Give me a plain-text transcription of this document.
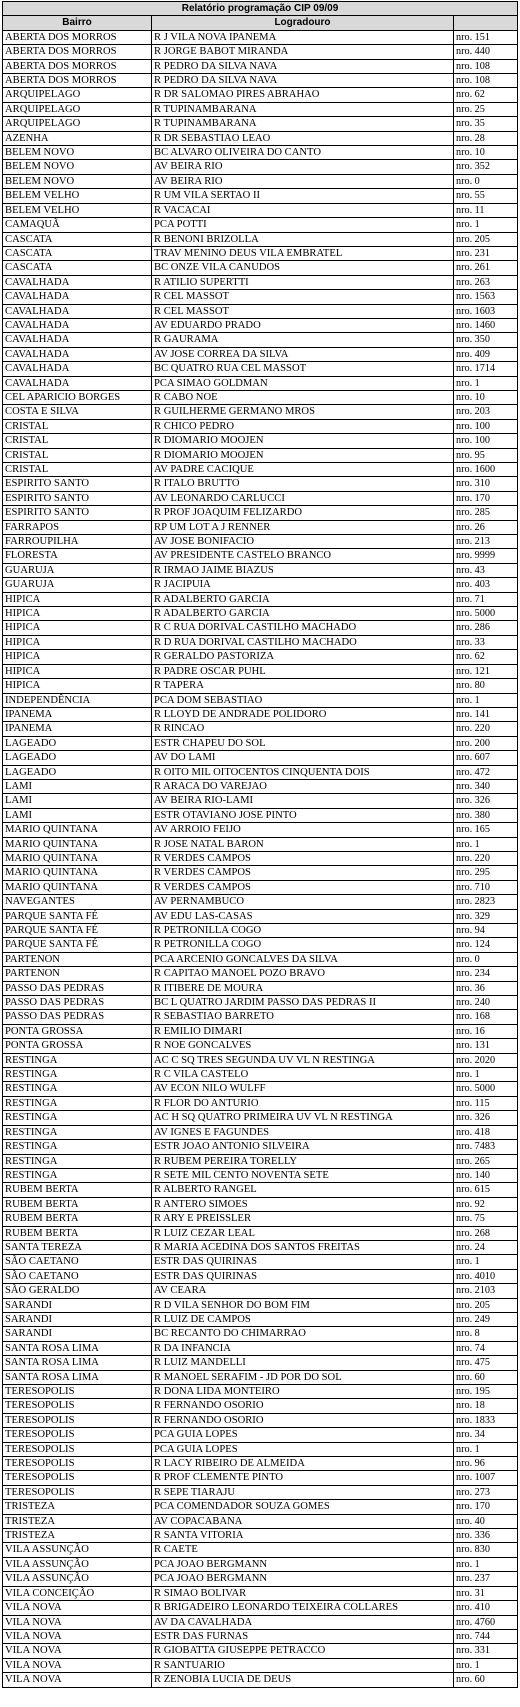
Relatório programação CIP 09/09		
Bairro	Logradouro	
ABERTA DOS MORROS	R J VILA NOVA IPANEMA	nro. 151
ABERTA DOS MORROS	R JORGE BABOT MIRANDA	nro. 440
ABERTA DOS MORROS	R PEDRO DA SILVA NAVA	nro. 108
ABERTA DOS MORROS	R PEDRO DA SILVA NAVA	nro. 108
ARQUIPELAGO	R DR SALOMAO PIRES ABRAHAO	nro. 62
ARQUIPELAGO	R TUPINAMBARANA	nro. 25
ARQUIPELAGO	R TUPINAMBARANA	nro. 35
AZENHA	R DR SEBASTIAO LEAO	nro. 28
BELEM NOVO	BC ALVARO OLIVEIRA DO CANTO	nro. 10
BELEM NOVO	AV BEIRA RIO	nro. 352
BELEM NOVO	AV BEIRA RIO	nro. 0
BELEM VELHO	R UM VILA SERTAO II	nro. 55
BELEM VELHO	R VACACAI	nro. 11
CAMAQUÃ	PCA POTTI	nro. 1
CASCATA	R BENONI BRIZOLLA	nro. 205
CASCATA	TRAV MENINO DEUS VILA EMBRATEL	nro. 231
CASCATA	BC ONZE VILA CANUDOS	nro. 261
CAVALHADA	R ATILIO SUPERTTI	nro. 263
CAVALHADA	R CEL MASSOT	nro. 1563
CAVALHADA	R CEL MASSOT	nro. 1603
CAVALHADA	AV EDUARDO PRADO	nro. 1460
CAVALHADA	R GAURAMA	nro. 350
CAVALHADA	AV JOSE CORREA DA SILVA	nro. 409
CAVALHADA	BC QUATRO RUA CEL MASSOT	nro. 1714
CAVALHADA	PCA SIMAO GOLDMAN	nro. 1
CEL APARICIO BORGES	R CABO NOE	nro. 10
COSTA E SILVA	R GUILHERME GERMANO MROS	nro. 203
CRISTAL	R CHICO PEDRO	nro. 100
CRISTAL	R DIOMARIO MOOJEN	nro. 100
CRISTAL	R DIOMARIO MOOJEN	nro. 95
CRISTAL	AV PADRE CACIQUE	nro. 1600
ESPIRITO SANTO	R ITALO BRUTTO	nro. 310
ESPIRITO SANTO	AV LEONARDO CARLUCCI	nro. 170
ESPIRITO SANTO	R PROF JOAQUIM FELIZARDO	nro. 285
FARRAPOS	RP UM LOT A J RENNER	nro. 26
FARROUPILHA	AV JOSE BONIFACIO	nro. 213
FLORESTA	AV PRESIDENTE CASTELO BRANCO	nro. 9999
GUARUJA	R IRMAO JAIME BIAZUS	nro. 43
GUARUJA	R JACIPUIA	nro. 403
HIPICA	R ADALBERTO GARCIA	nro. 71
HIPICA	R ADALBERTO GARCIA	nro. 5000
HIPICA	R C RUA DORIVAL CASTILHO MACHADO	nro. 286
HIPICA	R D RUA DORIVAL CASTILHO MACHADO	nro. 33
HIPICA	R GERALDO PASTORIZA	nro. 62
HIPICA	R PADRE OSCAR PUHL	nro. 121
HIPICA	R TAPERA	nro. 80
INDEPENDÊNCIA	PCA DOM SEBASTIAO	nro. 1
IPANEMA	R LLOYD DE ANDRADE POLIDORO	nro. 141
IPANEMA	R RINCAO	nro. 220
LAGEADO	ESTR CHAPEU DO SOL	nro. 200
LAGEADO	AV DO LAMI	nro. 607
LAGEADO	R OITO MIL OITOCENTOS CINQUENTA DOIS	nro. 472
LAMI	R ARACA DO VAREJAO	nro. 340
LAMI	AV BEIRA RIO-LAMI	nro. 326
LAMI	ESTR OTAVIANO JOSE PINTO	nro. 380
MARIO QUINTANA	AV ARROIO FEIJO	nro. 165
MARIO QUINTANA	R JOSE NATAL BARON	nro. 1
MARIO QUINTANA	R VERDES CAMPOS	nro. 220
MARIO QUINTANA	R VERDES CAMPOS	nro. 295
MARIO QUINTANA	R VERDES CAMPOS	nro. 710
NAVEGANTES	AV PERNAMBUCO	nro. 2823
PARQUE SANTA FÉ	AV EDU LAS-CASAS	nro. 329
PARQUE SANTA FÉ	R PETRONILLA COGO	nro. 94
PARQUE SANTA FÉ	R PETRONILLA COGO	nro. 124
PARTENON	PCA ARCENIO GONCALVES DA SILVA	nro. 0
PARTENON	R CAPITAO MANOEL POZO BRAVO	nro. 234
PASSO DAS PEDRAS	R ITIBERE DE MOURA	nro. 36
PASSO DAS PEDRAS	BC L QUATRO JARDIM PASSO DAS PEDRAS II	nro. 240
PASSO DAS PEDRAS	R SEBASTIAO BARRETO	nro. 168
PONTA GROSSA	R EMILIO DIMARI	nro. 16
PONTA GROSSA	R NOE GONCALVES	nro. 131
RESTINGA	AC C SQ TRES SEGUNDA UV VL N RESTINGA	nro. 2020
RESTINGA	R C VILA CASTELO	nro. 1
RESTINGA	AV ECON NILO WULFF	nro. 5000
RESTINGA	R FLOR DO ANTURIO	nro. 115
RESTINGA	AC H SQ QUATRO PRIMEIRA UV VL N RESTINGA	nro. 326
RESTINGA	AV IGNES E FAGUNDES	nro. 418
RESTINGA	ESTR JOAO ANTONIO SILVEIRA	nro. 7483
RESTINGA	R RUBEM PEREIRA TORELLY	nro. 265
RESTINGA	R SETE MIL CENTO NOVENTA SETE	nro. 140
RUBEM BERTA	R ALBERTO RANGEL	nro. 615
RUBEM BERTA	R ANTERO SIMOES	nro. 92
RUBEM BERTA	R ARY E PREISSLER	nro. 75
RUBEM BERTA	R LUIZ CEZAR LEAL	nro. 268
SANTA TEREZA	R MARIA ACEDINA DOS SANTOS FREITAS	nro. 24
SÃO CAETANO	ESTR DAS QUIRINAS	nro. 1
SÃO CAETANO	ESTR DAS QUIRINAS	nro. 4010
SÃO GERALDO	AV CEARA	nro. 2103
SARANDI	R D VILA SENHOR DO BOM FIM	nro. 205
SARANDI	R LUIZ DE CAMPOS	nro. 249
SARANDI	BC RECANTO DO CHIMARRAO	nro. 8
SANTA ROSA LIMA	R DA INFANCIA	nro. 74
SANTA ROSA LIMA	R LUIZ MANDELLI	nro. 475
SANTA ROSA LIMA	R MANOEL SERAFIM - JD POR DO SOL	nro. 60
TERESOPOLIS	R DONA LIDA MONTEIRO	nro. 195
TERESOPOLIS	R FERNANDO OSORIO	nro. 18
TERESOPOLIS	R FERNANDO OSORIO	nro. 1833
TERESOPOLIS	PCA GUIA LOPES	nro. 34
TERESOPOLIS	PCA GUIA LOPES	nro. 1
TERESOPOLIS	R LACY RIBEIRO DE ALMEIDA	nro. 96
TERESOPOLIS	R PROF CLEMENTE PINTO	nro. 1007
TERESOPOLIS	R SEPE TIARAJU	nro. 273
TRISTEZA	PCA COMENDADOR SOUZA GOMES	nro. 170
TRISTEZA	AV COPACABANA	nro. 40
TRISTEZA	R SANTA VITORIA	nro. 336
VILA ASSUNÇÃO	R CAETE	nro. 830
VILA ASSUNÇÃO	PCA JOAO BERGMANN	nro. 1
VILA ASSUNÇÃO	PCA JOAO BERGMANN	nro. 237
VILA CONCEIÇÃO	R SIMAO BOLIVAR	nro. 31
VILA NOVA	R BRIGADEIRO LEONARDO TEIXEIRA COLLARES	nro. 410
VILA NOVA	AV DA CAVALHADA	nro. 4760
VILA NOVA	ESTR DAS FURNAS	nro. 744
VILA NOVA	R GIOBATTA GIUSEPPE PETRACCO	nro. 331
VILA NOVA	R SANTUARIO	nro. 1
VILA NOVA	R ZENOBIA LUCIA DE DEUS	nro. 60
